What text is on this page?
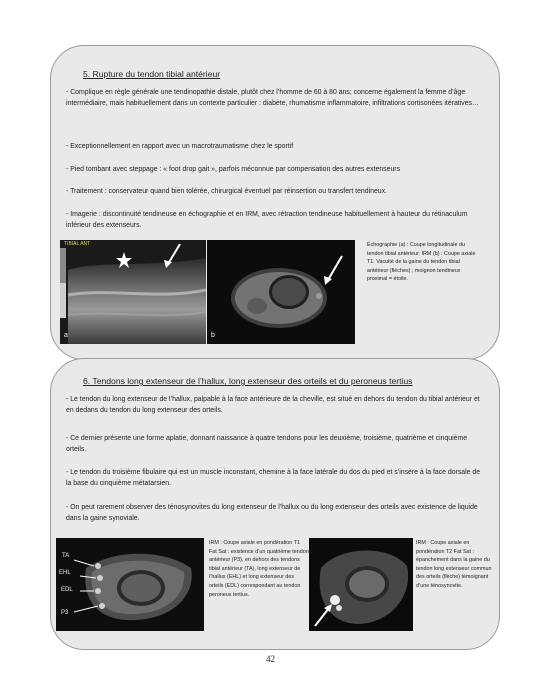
5. Rupture du tendon tibial antérieur

- Complique en règle générale une tendinopathie distale, plutôt chez l’homme de 60 à 80 ans; concerne également la femme d’âge intermédiaire, mais habituellement dans un contexte particulier : diabète, rhumatisme inflammatoire, infiltrations cortisonées itératives…

- Exceptionnellement en rapport avec un macrotraumatisme chez le sportif

- Pied tombant avec steppage : « foot drop gait », parfois méconnue par compensation des autres extenseurs

- Traitement : conservateur quand bien tolérée, chirurgical éventuel par réinsertion ou transfert tendineux.

- Imagerie : discontinuité tendineuse en échographie et en IRM, avec rétraction tendineuse habituellement à hauteur du rétinaculum inférieur des extenseurs.

TIBIAL ANT
a	b

Échographie (a) : Coupe longitudinale du tendon tibial antérieur. IRM (b) : Coupe axiale T1. Vacuité de la gaine du tendon tibial antérieur (flèches) ; moignon tendineux proximal = étoile.

6. Tendons long extenseur de l’hallux, long extenseur des orteils et du peroneus tertius

- Le tendon du long extenseur de l’hallux, palpable à la face antérieure de la cheville, est situé en dehors du tendon du tibial antérieur et en dedans du tendon du long extenseur des orteils.

- Ce dernier présente une forme aplatie, donnant naissance à quatre tendons pour les deuxième, troisième, quatrième et cinquième orteils.

- Le tendon du troisième fibulaire qui est un muscle inconstant, chemine à la face latérale du dos du pied et s’insère à la face dorsale de la base du cinquième métatarsien.

- On peut rarement observer des ténosynovites du long extenseur de l’hallux ou du long extenseur des orteils avec existence de liquide dans la gaine synoviale.

TA
EHL
EDL
P3

IRM : Coupe axiale en pondération T1 Fat Sat : existence d’un quatrième tendon antérieur (P3), en dehors des tendons tibial antérieur (TA), long extenseur de l’hallux (EHL) et long extenseur des orteils (EDL) correspondant au tendon peroneus tertius.

IRM : Coupe axiale en pondération T2 Fat Sat : épanchement dans la gaine du tendon long extenseur commun des orteils (flèche) témoignant d’une ténosynovite.

42
